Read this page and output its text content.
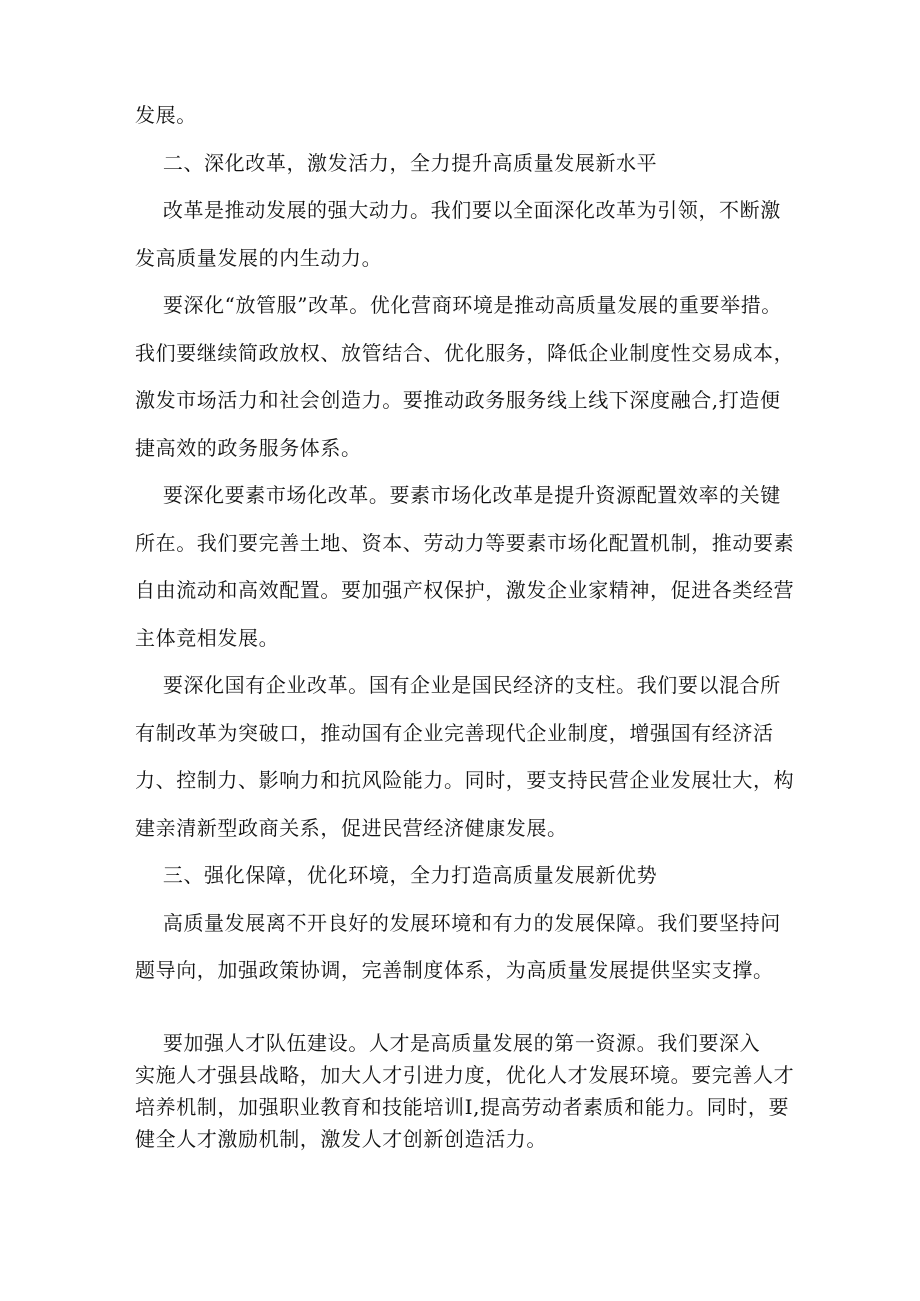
发展。

二、深化改革，激发活力，全力提升高质量发展新水平

改革是推动发展的强大动力。我们要以全面深化改革为引领，不断激发高质量发展的内生动力。

要深化“放管服”改革。优化营商环境是推动高质量发展的重要举措。我们要继续简政放权、放管结合、优化服务，降低企业制度性交易成本，激发市场活力和社会创造力。要推动政务服务线上线下深度融合,打造便捷高效的政务服务体系。

要深化要素市场化改革。要素市场化改革是提升资源配置效率的关键所在。我们要完善土地、资本、劳动力等要素市场化配置机制，推动要素自由流动和高效配置。要加强产权保护，激发企业家精神，促进各类经营主体竞相发展。

要深化国有企业改革。国有企业是国民经济的支柱。我们要以混合所有制改革为突破口，推动国有企业完善现代企业制度，增强国有经济活力、控制力、影响力和抗风险能力。同时，要支持民营企业发展壮大，构建亲清新型政商关系，促进民营经济健康发展。

三、强化保障，优化环境，全力打造高质量发展新优势

高质量发展离不开良好的发展环境和有力的发展保障。我们要坚持问题导向，加强政策协调，完善制度体系，为高质量发展提供坚实支撑。

要加强人才队伍建设。人才是高质量发展的第一资源。我们要深入

实施人才强县战略，加大人才引进力度，优化人才发展环境。要完善人才培养机制，加强职业教育和技能培训Ⅰ,提高劳动者素质和能力。同时，要健全人才激励机制，激发人才创新创造活力。
